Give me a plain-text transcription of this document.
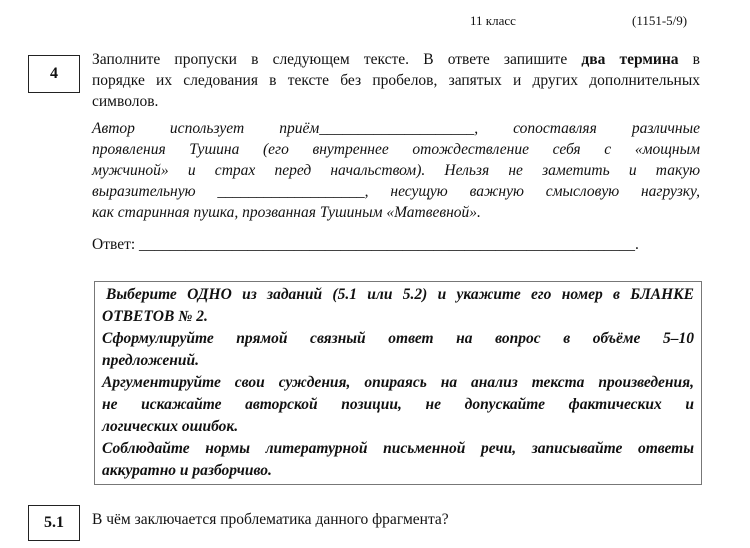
11 класс	(1151-5/9)
4
Заполните пропуски в следующем тексте. В ответе запишите два термина в
порядке их следования в тексте без пробелов, запятых и других дополнительных
символов.
Автор использует приём____________________, сопоставляя различные
проявления Тушина (его внутреннее отождествление себя с «мощным
мужчиной» и страх перед начальством). Нельзя не заметить и такую
выразительную ___________________, несущую важную смысловую нагрузку,
как старинная пушка, прозванная Тушиным «Матвевной».
Ответ: ________________________________________________________________.
Выберите ОДНО из заданий (5.1 или 5.2) и укажите его номер в БЛАНКЕ
ОТВЕТОВ № 2.
Сформулируйте прямой связный ответ на вопрос в объёме 5–10
предложений.
Аргументируйте свои суждения, опираясь на анализ текста произведения,
не искажайте авторской позиции, не допускайте фактических и
логических ошибок.
Соблюдайте нормы литературной письменной речи, записывайте ответы
аккуратно и разборчиво.
5.1	В чём заключается проблематика данного фрагмента?
